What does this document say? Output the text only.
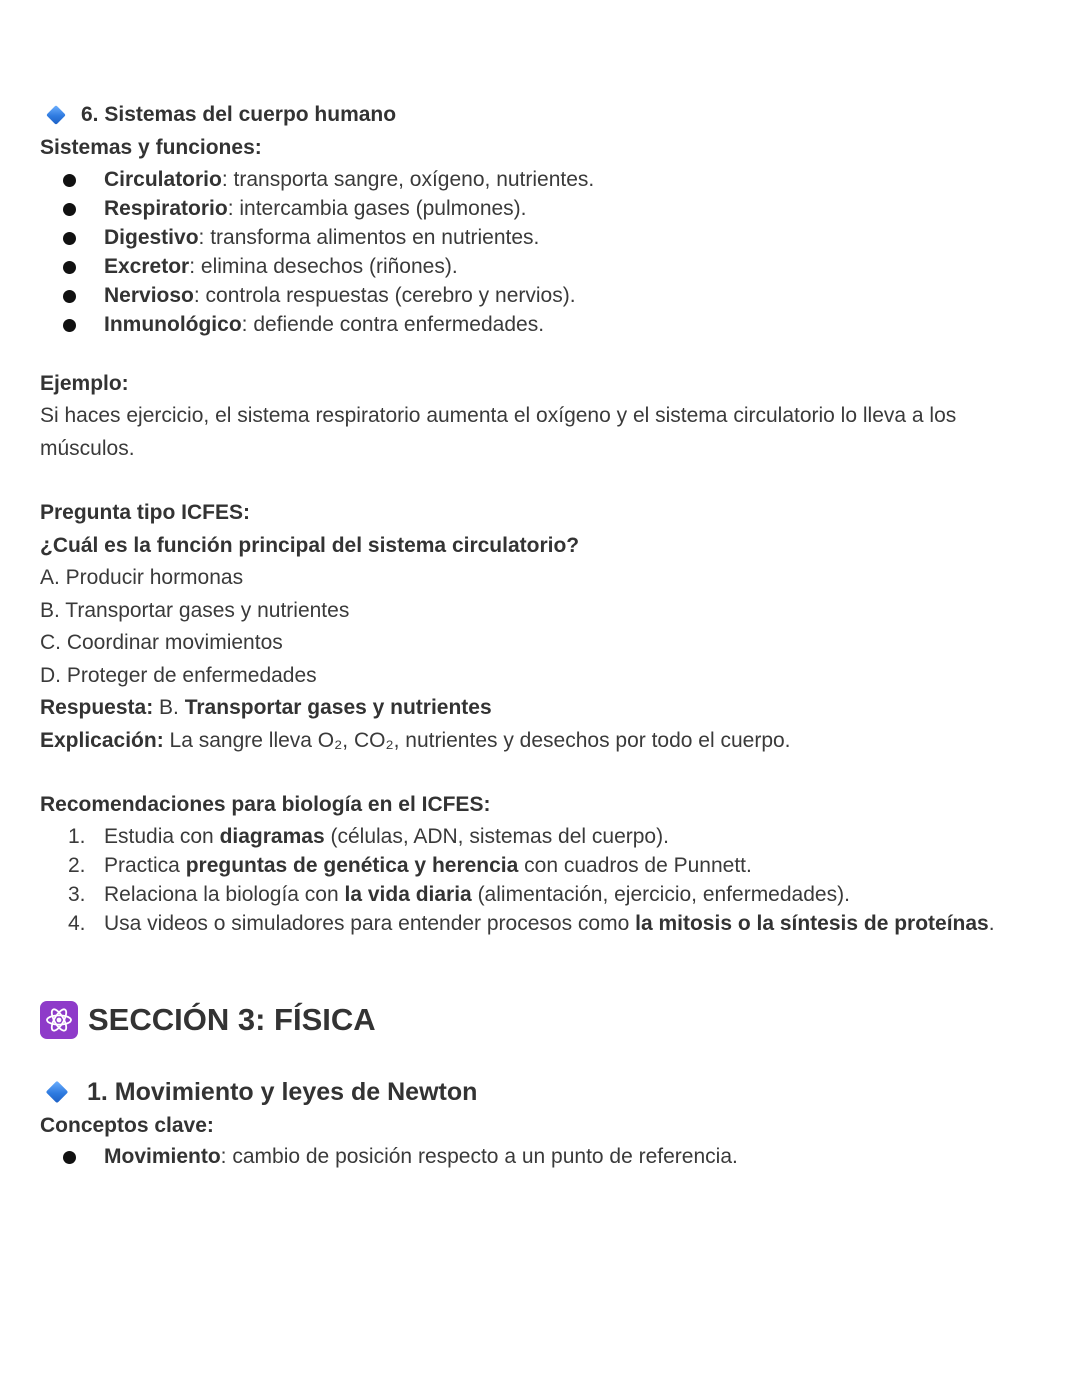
6. Sistemas del cuerpo humano

Sistemas y funciones:

Circulatorio: transporta sangre, oxígeno, nutrientes.
Respiratorio: intercambia gases (pulmones).
Digestivo: transforma alimentos en nutrientes.
Excretor: elimina desechos (riñones).
Nervioso: controla respuestas (cerebro y nervios).
Inmunológico: defiende contra enfermedades.

Ejemplo:

Si haces ejercicio, el sistema respiratorio aumenta el oxígeno y el sistema circulatorio lo lleva a los músculos.

Pregunta tipo ICFES:

¿Cuál es la función principal del sistema circulatorio?

A. Producir hormonas

B. Transportar gases y nutrientes

C. Coordinar movimientos

D. Proteger de enfermedades

Respuesta: B. Transportar gases y nutrientes

Explicación: La sangre lleva O₂, CO₂, nutrientes y desechos por todo el cuerpo.

Recomendaciones para biología en el ICFES:

1. Estudia con diagramas (células, ADN, sistemas del cuerpo).
2. Practica preguntas de genética y herencia con cuadros de Punnett.
3. Relaciona la biología con la vida diaria (alimentación, ejercicio, enfermedades).
4. Usa videos o simuladores para entender procesos como la mitosis o la síntesis de proteínas.
SECCIÓN 3: FÍSICA
1. Movimiento y leyes de Newton

Conceptos clave:

Movimiento: cambio de posición respecto a un punto de referencia.
